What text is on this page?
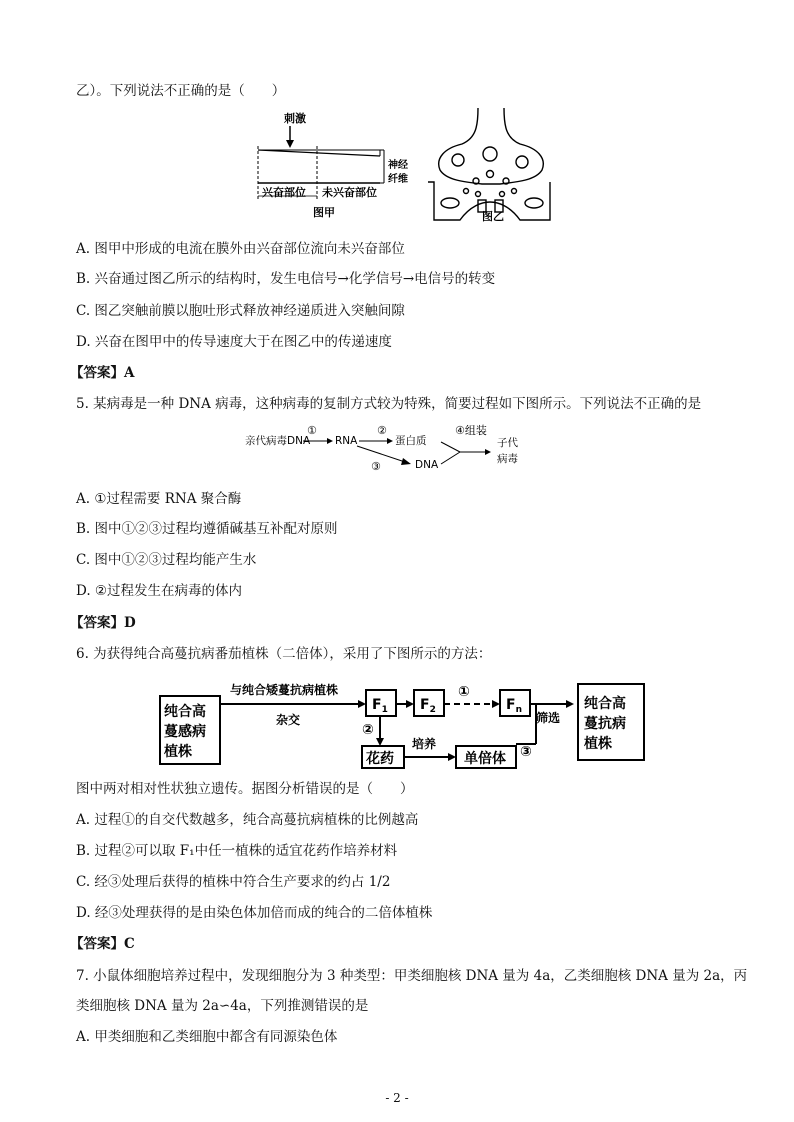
乙）。下列说法不正确的是（　　）
刺激
神经
纤维
兴奋部位 未兴奋部位
图甲	图乙
A. 图甲中形成的电流在膜外由兴奋部位流向未兴奋部位
B. 兴奋通过图乙所示的结构时，发生电信号→化学信号→电信号的转变
C. 图乙突触前膜以胞吐形式释放神经递质进入突触间隙
D. 兴奋在图甲中的传导速度大于在图乙中的传递速度
【答案】A
5. 某病毒是一种 DNA 病毒，这种病毒的复制方式较为特殊，简要过程如下图所示。下列说法不正确的是
亲代病毒DNA
①
RNA
②
蛋白质
③	DNA
④组装
子代
病毒
A. ①过程需要 RNA 聚合酶
B. 图中①②③过程均遵循碱基互补配对原则
C. 图中①②③过程均能产生水
D. ②过程发生在病毒的体内
【答案】D
6. 为获得纯合高蔓抗病番茄植株（二倍体），采用了下图所示的方法：
纯合高
蔓感病
植株
与纯合矮蔓抗病植株
杂交
$F_1$ $F_2$
①
$F_n$
筛选
纯合高
蔓抗病
植株
②
花药
培养
单倍体 ③
图中两对相对性状独立遗传。据图分析错误的是（　　）
A. 过程①的自交代数越多，纯合高蔓抗病植株的比例越高
B. 过程②可以取 F₁中任一植株的适宜花药作培养材料
C. 经③处理后获得的植株中符合生产要求的约占 1/2
D. 经③处理获得的是由染色体加倍而成的纯合的二倍体植株
【答案】C
7. 小鼠体细胞培养过程中，发现细胞分为 3 种类型：甲类细胞核 DNA 量为 4a，乙类细胞核 DNA 量为 2a，丙
类细胞核 DNA 量为 2a∽4a，下列推测错误的是
A. 甲类细胞和乙类细胞中都含有同源染色体
- 2 -
